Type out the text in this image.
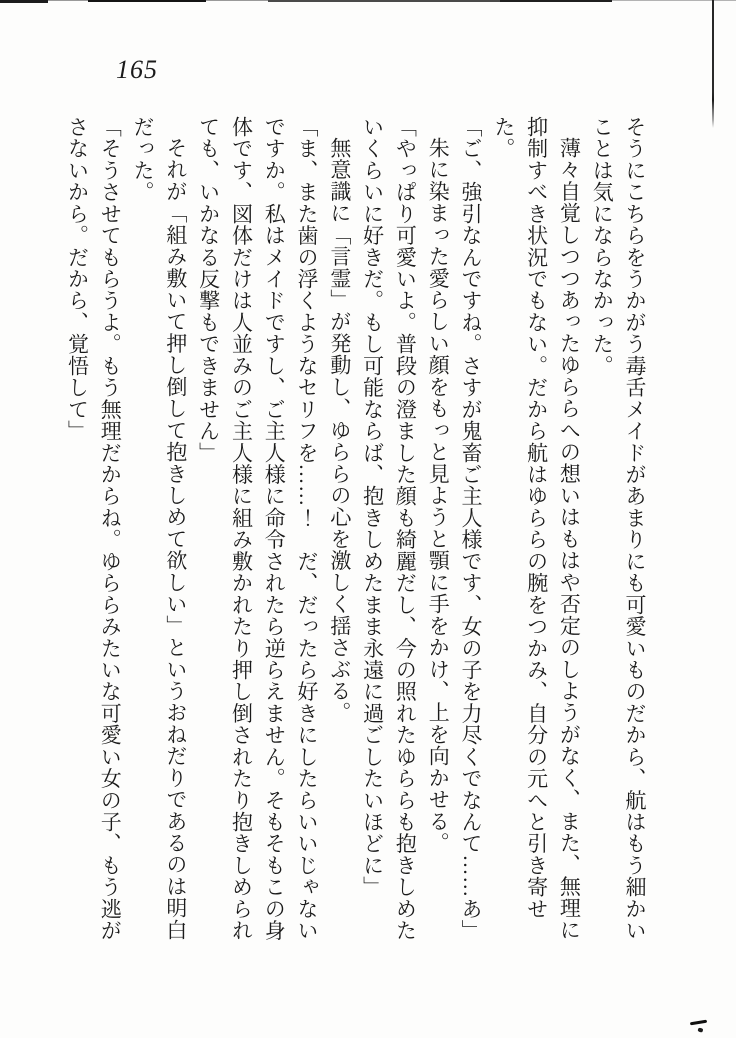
165

そうにこちらをうかがう毒舌メイドがあまりにも可愛いものだから、航はもう細かいことは気にならなかった。

薄々自覚しつつあったゆららへの想いはもはや否定のしようがなく、また、無理に抑制すべき状況でもない。だから航はゆららの腕をつかみ、自分の元へと引き寄せた。

「ご、強引なんですね。さすが鬼畜ご主人様です、女の子を力尽くでなんて……あ」

朱に染まった愛らしい顔をもっと見ようと顎に手をかけ、上を向かせる。

「やっぱり可愛いよ。普段の澄ました顔も綺麗だし、今の照れたゆららも抱きしめたいくらいに好きだ。もし可能ならば、抱きしめたまま永遠に過ごしたいほどに」

無意識に「言霊」が発動し、ゆららの心を激しく揺さぶる。

「ま、また歯の浮くようなセリフを……！　だ、だったら好きにしたらいいじゃないですか。私はメイドですし、ご主人様に命令されたら逆らえません。そもそもこの身体です、図体だけは人並みのご主人様に組み敷かれたり押し倒されたり抱きしめられても、いかなる反撃もできません」

それが「組み敷いて押し倒して抱きしめて欲しい」というおねだりであるのは明白だった。

「そうさせてもらうよ。もう無理だからね。ゆららみたいな可愛い女の子、もう逃がさないから。だから、覚悟して」
